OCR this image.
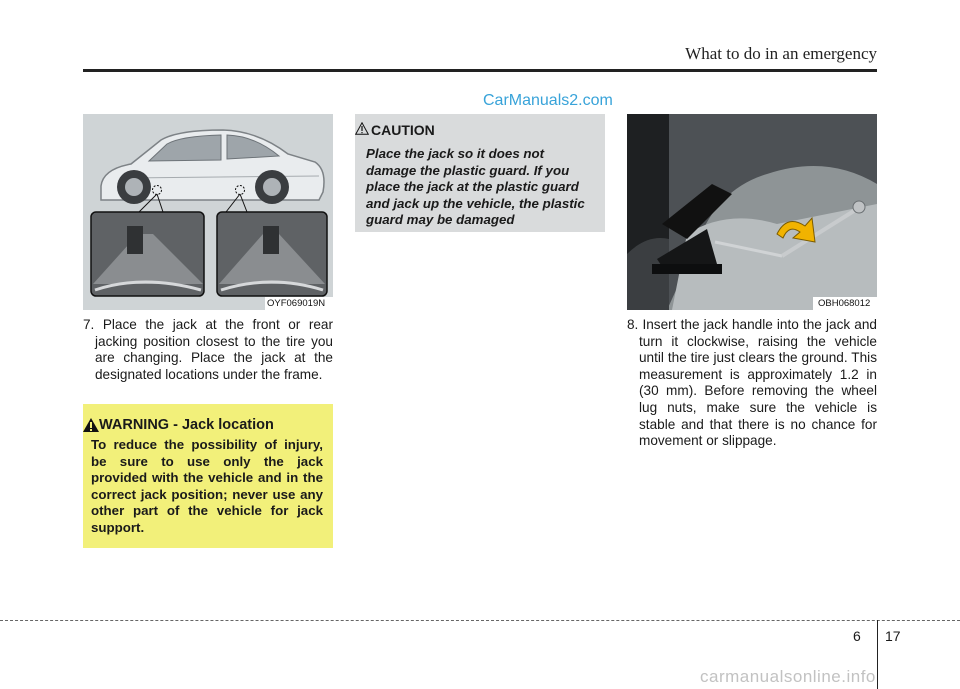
What to do in an emergency
CarManuals2.com
OYF069019N

7. Place the jack at the front or rear jacking position closest to the tire you are changing. Place the jack at the designated locations under the frame.

WARNING - Jack location
To reduce the possibility of injury, be sure to use only the jack provided with the vehicle and in the correct jack position; never use any other part of the vehicle for jack support.
CAUTION
Place the jack so it does not damage the plastic guard. If you place the jack at the plastic guard and jack up the vehicle, the plastic guard may be damaged
OBH068012

8. Insert the jack handle into the jack and turn it clockwise, raising the vehicle until the tire just clears the ground. This measurement is approximately 1.2 in (30 mm). Before removing the wheel lug nuts, make sure the vehicle is stable and that there is no chance for movement or slippage.

6 17
carmanualsonline.info
